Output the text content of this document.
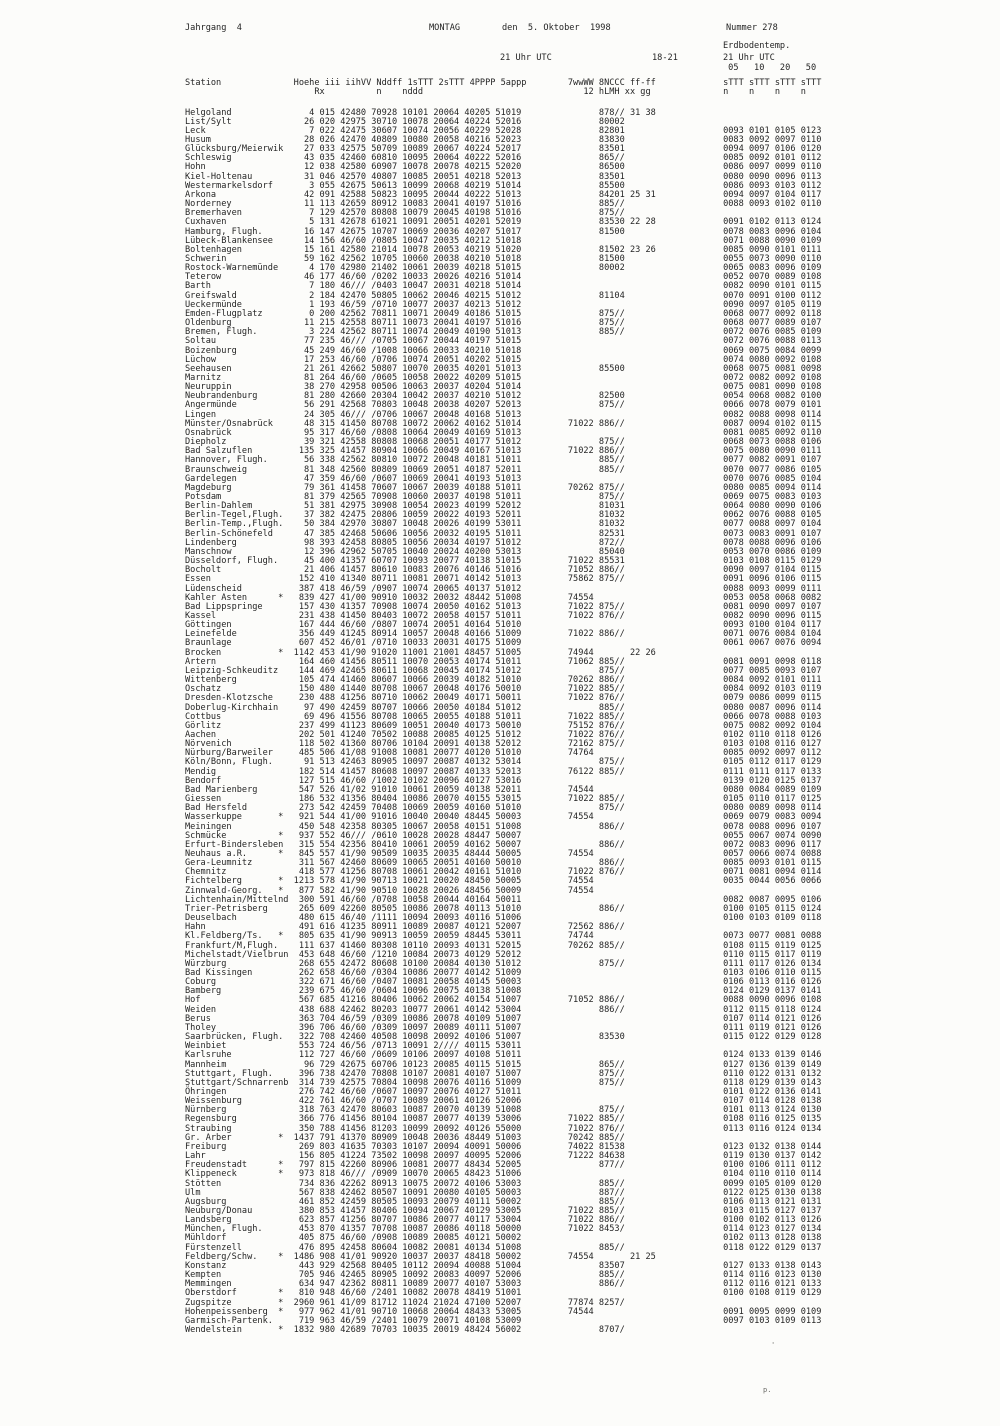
Jahrgang  4	MONTAG	den  5. Oktober  1998	Nummer 278
Erdbodentemp.
21 Uhr UTC	18-21	21 Uhr UTC
05   10   20   50
Station              Hoehe iii iihVV Nddff 1sTTT 2sTTT 4PPPP 5appp        7wwWW 8NCCC ff-ff             sTTT sTTT sTTT sTTT
Rx          n    nddd                               12 hLMH xx gg              n    n    n    n
Helgoland               4 015 42480 70928 10101 20064 40205 51019               878// 31 38
List/Sylt              26 020 42975 30710 10078 20064 40224 52016               80002
Leck                    7 022 42475 30607 10074 20056 40229 52028               82801                   0093 0101 0105 0123
Husum                  28 026 42470 40809 10080 20058 40216 52023               83830                   0083 0092 0097 0110
Glücksburg/Meierwik    27 033 42575 50709 10089 20067 40224 52017               83501                   0094 0097 0106 0120
Schleswig              43 035 42460 60810 10095 20064 40222 52016               865//                   0085 0092 0101 0112
Hohn                   12 038 42580 60907 10078 20078 40215 52020               86500                   0086 0097 0099 0110
Kiel-Holtenau          31 046 42570 40807 10085 20051 40218 52013               83501                   0080 0090 0096 0113
Westermarkelsdorf       3 055 42675 50613 10099 20068 40219 51014               85500                   0086 0093 0103 0112
Arkona                 42 091 42588 50823 10095 20044 40222 51013               84201 25 31             0094 0097 0104 0117
Norderney              11 113 42659 80912 10083 20041 40197 51016               885//                   0088 0093 0102 0110
Bremerhaven             7 129 42570 80808 10079 20045 40198 51016               875//
Cuxhaven                5 131 42678 61021 10091 20051 40201 52019               83530 22 28             0091 0102 0113 0124
Hamburg, Flugh.        16 147 42675 10707 10069 20036 40207 51017               81500                   0078 0083 0096 0104
Lübeck-Blankensee      14 156 46/60 /0805 10047 20035 40212 51018                                       0071 0088 0090 0109
Boltenhagen            15 161 42580 21014 10078 20053 40219 51020               81502 23 26             0085 0090 0101 0111
Schwerin               59 162 42562 10705 10060 20038 40210 51018               81500                   0055 0073 0090 0110
Rostock-Warnemünde      4 170 42980 21402 10061 20039 40218 51015               80002                   0065 0083 0096 0109
Teterow                46 177 46/60 /0202 10033 20026 40216 51014                                       0052 0070 0089 0108
Barth                   7 180 46/// /0403 10047 20031 40218 51014                                       0082 0090 0101 0115
Greifswald              2 184 42470 50805 10062 20046 40215 51012               81104                   0070 0091 0100 0112
Ueckermünde             1 193 46/59 /0710 10077 20037 40213 51012                                       0090 0097 0105 0119
Emden-Flugplatz         0 200 42562 70811 10071 20049 40186 51015               875//                   0068 0077 0092 0118
Oldenburg              11 215 42558 80711 10073 20041 40197 51016               875//                   0068 0077 0089 0107
Bremen, Flugh.          3 224 42562 80711 10074 20049 40190 51013               885//                   0072 0076 0085 0109
Soltau                 77 235 46/// /0705 10067 20044 40197 51015                                       0072 0076 0088 0113
Boizenburg             45 249 46/60 /1008 10066 20033 40210 51018                                       0069 0075 0084 0099
Lüchow                 17 253 46/60 /0706 10074 20051 40202 51015                                       0074 0080 0092 0108
Seehausen              21 261 42662 50807 10070 20035 40201 51013               85500                   0068 0075 0081 0098
Marnitz                81 264 46/60 /0605 10058 20022 40209 51015                                       0072 0082 0092 0108
Neuruppin              38 270 42958 00506 10063 20037 40204 51014                                       0075 0081 0090 0108
Neubrandenburg         81 280 42660 20304 10042 20037 40210 51012               82500                   0054 0068 0082 0100
Angermünde             56 291 42568 70803 10048 20038 40207 52013               875//                   0066 0078 0079 0101
Lingen                 24 305 46/// /0706 10067 20048 40168 51013                                       0082 0088 0098 0114
Münster/Osnabrück      48 315 41450 80708 10072 20062 40162 51014         71022 886//                   0087 0094 0102 0115
Osnabrück              95 317 46/60 /0808 10064 20049 40169 51013                                       0081 0085 0092 0110
Diepholz               39 321 42558 80808 10068 20051 40177 51012               875//                   0068 0073 0088 0106
Bad Salzuflen         135 325 41457 80904 10066 20049 40167 51013         71022 886//                   0075 0080 0090 0111
Hannover, Flugh.       56 338 42562 80810 10072 20048 40181 51011               885//                   0077 0082 0091 0107
Braunschweig           81 348 42560 80809 10069 20051 40187 52011               885//                   0070 0077 0086 0105
Gardelegen             47 359 46/60 /0607 10069 20041 40193 51013                                       0070 0076 0085 0104
Magdeburg              79 361 41458 70607 10067 20039 40188 51011         70262 875//                   0080 0085 0094 0114
Potsdam                81 379 42565 70908 10060 20037 40198 51011               875//                   0069 0075 0083 0103
Berlin-Dahlem          51 381 42975 30908 10054 20023 40199 52012               81031                   0064 0080 0090 0106
Berlin-Tegel,Flugh.    37 382 42475 20806 10059 20022 40193 52011               81032                   0062 0076 0088 0105
Berlin-Temp.,Flugh.    50 384 42970 30807 10048 20026 40199 53011               81032                   0077 0088 0097 0104
Berlin-Schönefeld      47 385 42468 50606 10056 20032 40195 51011               82531                   0073 0083 0091 0107
Lindenberg             98 393 42458 80805 10056 20034 40197 51012               872//                   0078 0088 0096 0106
Manschnow              12 396 42962 50705 10040 20024 40200 53013               85040                   0053 0070 0086 0109
Düsseldorf, Flugh.     45 400 41357 60707 10093 20077 40138 51015         71022 85531                   0103 0108 0115 0129
Bocholt                21 406 41457 80610 10083 20076 40146 51016         71052 886//                   0090 0097 0104 0115
Essen                 152 410 41340 80711 10081 20071 40142 51013         75862 875//                   0091 0096 0106 0115
Lüdenscheid           387 418 46/59 /0907 10074 20065 40137 51012                                       0088 0093 0099 0111
Kahler Asten      *   839 427 41/00 90910 10032 20032 48442 51008         74554                         0053 0058 0068 0082
Bad Lippspringe       157 430 41357 70908 10074 20050 40162 51013         71022 875//                   0081 0090 0097 0107
Kassel                231 438 41450 80403 10072 20058 40157 51011         71022 876//                   0082 0090 0096 0115
Göttingen             167 444 46/60 /0807 10074 20051 40164 51010                                       0093 0100 0104 0117
Leinefelde            356 449 41245 80914 10057 20048 40166 51009         71022 886//                   0071 0076 0084 0104
Braunlage             607 452 46/01 /0710 10033 20031 40175 51009                                       0061 0067 0076 0094
Brocken           *  1142 453 41/90 91020 11001 21001 48457 51005         74944       22 26
Artern                164 460 41456 80511 10070 20053 40174 51011         71062 885//                   0081 0091 0098 0118
Leipzig-Schkeuditz    144 469 42465 80611 10068 20045 40174 51012               875//                   0077 0085 0093 0107
Wittenberg            105 474 41460 80607 10066 20039 40182 51010         70262 886//                   0084 0092 0101 0111
Oschatz               150 480 41440 80708 10067 20048 40176 50010         71022 885//                   0084 0092 0103 0119
Dresden-Klotzsche     230 488 41256 80710 10062 20049 40171 50011         71022 876//                   0079 0086 0099 0115
Doberlug-Kirchhain     97 490 42459 80707 10066 20050 40184 51012               885//                   0080 0087 0096 0114
Cottbus                69 496 41556 80708 10065 20055 40188 51011         71022 885//                   0066 0078 0088 0103
Görlitz               237 499 41123 80609 10051 20040 40173 50010         75152 876//                   0075 0082 0092 0104
Aachen                202 501 41240 70502 10088 20085 40125 51012         71022 876//                   0102 0110 0118 0126
Nörvenich             118 502 41360 80706 10104 20091 40138 52012         72162 875//                   0103 0108 0116 0127
Nürburg/Barweiler     485 506 41/08 91008 10081 20077 40120 51010         74764                         0085 0092 0097 0112
Köln/Bonn, Flugh.      91 513 42463 80905 10097 20087 40132 53014               875//                   0105 0112 0117 0129
Mendig                182 514 41457 80608 10097 20087 40133 52013         76122 885//                   0111 0111 0117 0133
Bendorf               127 515 46/60 /1002 10102 20096 40127 53016                                       0139 0120 0125 0137
Bad Marienberg        547 526 41/02 91010 10061 20059 40138 52011         74544                         0080 0084 0089 0109
Giessen               186 532 41356 80404 10086 20070 40155 53015         71022 885//                   0105 0110 0117 0125
Bad Hersfeld          273 542 42459 70408 10069 20059 40160 51010               875//                   0080 0089 0098 0114
Wasserkuppe       *   921 544 41/00 91016 10040 20040 48445 50003         74554                         0069 0079 0083 0094
Meiningen             450 548 42358 80305 10067 20058 40151 51008               886//                   0078 0088 0096 0107
Schmücke          *   937 552 46/// /0610 10028 20028 48447 50007                                       0055 0067 0074 0090
Erfurt-Bindersleben   315 554 42356 80410 10061 20059 40162 50007               886//                   0072 0083 0096 0117
Neuhaus a.R.      *   845 557 41/90 90509 10035 20035 48444 50005         74554                         0057 0066 0074 0088
Gera-Leumnitz         311 567 42460 80609 10065 20051 40160 50010               886//                   0085 0093 0101 0115
Chemnitz              418 577 41256 80708 10061 20042 40161 51010         71022 876//                   0071 0081 0094 0114
Fichtelberg       *  1213 578 41/90 90713 10021 20020 48450 50005         74554                         0035 0044 0056 0066
Zinnwald-Georg.   *   877 582 41/90 90510 10028 20026 48456 50009         74554
Lichtenhain/Mittelnd  300 591 46/60 /0708 10058 20044 40164 50011                                       0082 0087 0095 0106
Trier-Petrisberg      265 609 42260 80505 10086 20078 40113 51010               886//                   0100 0105 0115 0124
Deuselbach            480 615 46/40 /1111 10094 20093 40116 51006                                       0100 0103 0109 0118
Hahn                  491 616 41235 80911 10089 20087 40121 52007         72562 886//
Kl.Feldberg/Ts.   *   805 635 41/90 90913 10059 20059 48445 53011         74744                         0073 0077 0081 0088
Frankfurt/M,Flugh.    111 637 41460 80308 10110 20093 40131 52015         70262 885//                   0108 0115 0119 0125
Michelstadt/Vielbrun  453 648 46/60 /1210 10084 20073 40129 52012                                       0110 0115 0117 0119
Würzburg              268 655 42472 80608 10100 20084 40130 51012               875//                   0111 0117 0126 0134
Bad Kissingen         262 658 46/60 /0304 10086 20077 40142 51009                                       0103 0106 0110 0115
Coburg                322 671 46/60 /0407 10081 20058 40145 50003                                       0106 0113 0116 0126
Bamberg               239 675 46/60 /0604 10096 20075 40138 51008                                       0124 0129 0137 0141
Hof                   567 685 41216 80406 10062 20062 40154 51007         71052 886//                   0088 0090 0096 0108
Weiden                438 688 42462 80203 10077 20061 40142 53004               886//                   0112 0115 0118 0124
Berus                 363 704 46/59 /0309 10086 20078 40109 51007                                       0107 0114 0121 0126
Tholey                396 706 46/60 /0309 10097 20089 40111 51007                                       0111 0119 0121 0126
Saarbrücken, Flugh.   322 708 42460 40508 10098 20092 40106 51007               83530                   0115 0122 0129 0128
Weinbiet              553 724 46/56 /0713 10091 2//// 40115 53011
Karlsruhe             112 727 46/60 /0609 10106 20097 40108 51011                                       0124 0133 0139 0146
Mannheim               96 729 42675 60706 10123 20085 40115 51015               865//                   0127 0136 0139 0149
Stuttgart, Flugh.     396 738 42470 70808 10107 20081 40107 51007               875//                   0110 0122 0131 0132
Stuttgart/Schnarrenb  314 739 42575 70804 10098 20076 40116 51009               875//                   0118 0129 0139 0143
Öhringen              276 742 46/60 /0607 10097 20076 40127 51011                                       0101 0122 0136 0141
Weissenburg           422 761 46/60 /0707 10089 20061 40126 52006                                       0107 0114 0128 0138
Nürnberg              318 763 42470 80603 10087 20070 40139 51008               875//                   0101 0113 0124 0130
Regensburg            366 776 41456 80104 10087 20077 40139 53006         71022 885//                   0108 0116 0125 0135
Straubing             350 788 41456 81203 10099 20092 40126 55000         71022 876//                   0113 0116 0124 0134
Gr. Arber         *  1437 791 41370 80909 10048 20036 48449 51003         70242 885//
Freiburg              269 803 41635 70303 10107 20094 40091 50006         74022 81538                   0123 0132 0138 0144
Lahr                  156 805 41224 73502 10098 20097 40095 52006         71222 84638                   0119 0130 0137 0142
Freudenstadt      *   797 815 42260 80906 10081 20077 48434 52005               877//                   0100 0106 0111 0112
Klippeneck        *   973 818 46/// /0909 10070 20065 48423 51006                                       0104 0110 0110 0114
Stötten               734 836 42262 80913 10075 20072 40106 53003               885//                   0099 0105 0109 0120
Ulm                   567 838 42462 80507 10091 20080 40105 50003               887//                   0122 0125 0130 0138
Augsburg              461 852 42459 80505 10093 20079 40111 50002               885//                   0106 0113 0121 0131
Neuburg/Donau         380 853 41457 80406 10094 20067 40129 53005         71022 885//                   0103 0115 0127 0137
Landsberg             623 857 41256 80707 10086 20077 40117 53004         71022 886//                   0100 0102 0113 0126
München, Flugh.       453 870 41357 70708 10087 20086 40118 50000         71022 8453/                   0114 0123 0127 0134
Mühldorf              405 875 46/60 /0908 10089 20085 40121 50002                                       0102 0113 0128 0138
Fürstenzell           476 895 42458 80604 10082 20081 40134 51008               885//                   0118 0122 0129 0137
Feldberg/Schw.    *  1486 908 41/01 90920 10037 20037 48418 50002         74554       21 25
Konstanz              443 929 42568 80405 10112 20094 40088 51004               83507                   0127 0133 0138 0143
Kempten               705 946 42465 80905 10092 20083 40097 52006               885//                   0114 0116 0123 0130
Memmingen             634 947 42362 80811 10089 20077 40107 53003               886//                   0112 0116 0121 0133
Oberstdorf        *   810 948 46/60 /2401 10082 20078 48419 51001                                       0100 0108 0119 0129
Zugspitze         *  2960 961 41/09 81712 11024 21024 47100 52007         77874 8257/
Hohenpeissenberg  *   977 962 41/01 90710 10068 20064 48433 53005         74544                         0091 0095 0099 0109
Garmisch-Partenk.     719 963 46/59 /2401 10079 20071 40108 53009                                       0097 0103 0109 0113
Wendelstein       *  1832 980 42689 70703 10035 20019 48424 56002               8707/
'
p.
